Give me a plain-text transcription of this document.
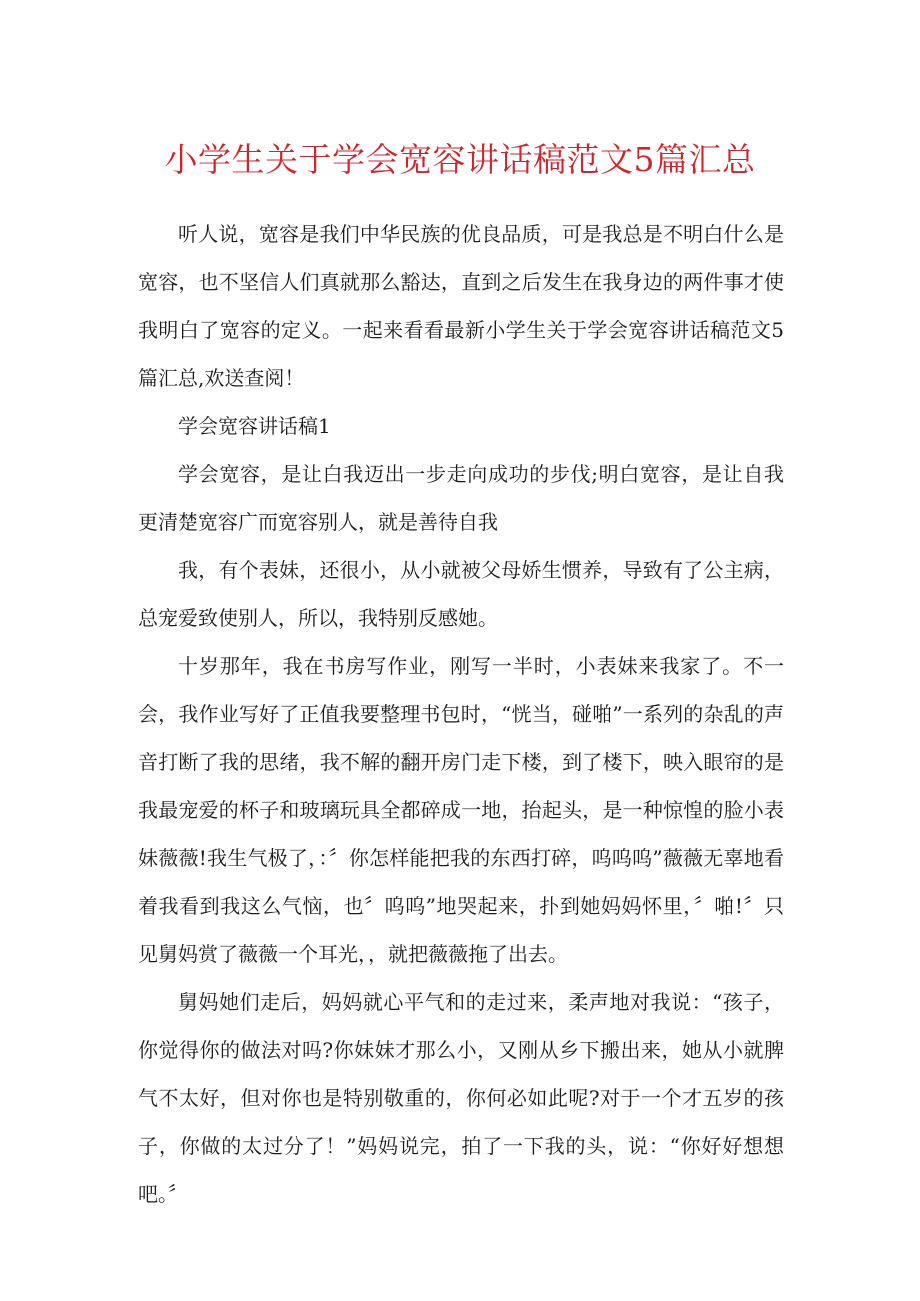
小学生关于学会宽容讲话稿范文5篇汇总

听人说，宽容是我们中华民族的优良品质，可是我总是不明白什么是宽容，也不坚信人们真就那么豁达，直到之后发生在我身边的两件事才使我明白了宽容的定义。一起来看看最新小学生关于学会宽容讲话稿范文5篇汇总,欢送查阅！

学会宽容讲话稿1

学会宽容，是让白我迈出一步走向成功的步伐;明白宽容，是让自我更清楚宽容广而宽容别人，就是善待自我

我，有个表妹，还很小，从小就被父母娇生惯养，导致有了公主病，总宠爱致使别人，所以，我特别反感她。

十岁那年，我在书房写作业，刚写一半时，小表妹来我家了。不一会，我作业写好了正值我要整理书包时，“恍当，碰啪”一系列的杂乱的声音打断了我的思绪，我不解的翻开房门走下楼，到了楼下，映入眼帘的是我最宠爱的杯子和玻璃玩具全都碎成一地，抬起头，是一种惊惶的脸小表妹薇薇!我生气极了，：〞你怎样能把我的东西打碎，呜呜呜”薇薇无辜地看着我看到我这么气恼，也〞呜呜”地哭起来，扑到她妈妈怀里，〞啪!〞只见舅妈赏了薇薇一个耳光，，就把薇薇拖了出去。

舅妈她们走后，妈妈就心平气和的走过来，柔声地对我说：“孩子，你觉得你的做法对吗?你妹妹才那么小，又刚从乡下搬出来，她从小就脾气不太好，但对你也是特别敬重的，你何必如此呢?对于一个才五岁的孩子，你做的太过分了！”妈妈说完，拍了一下我的头，说：“你好好想想吧。〞
